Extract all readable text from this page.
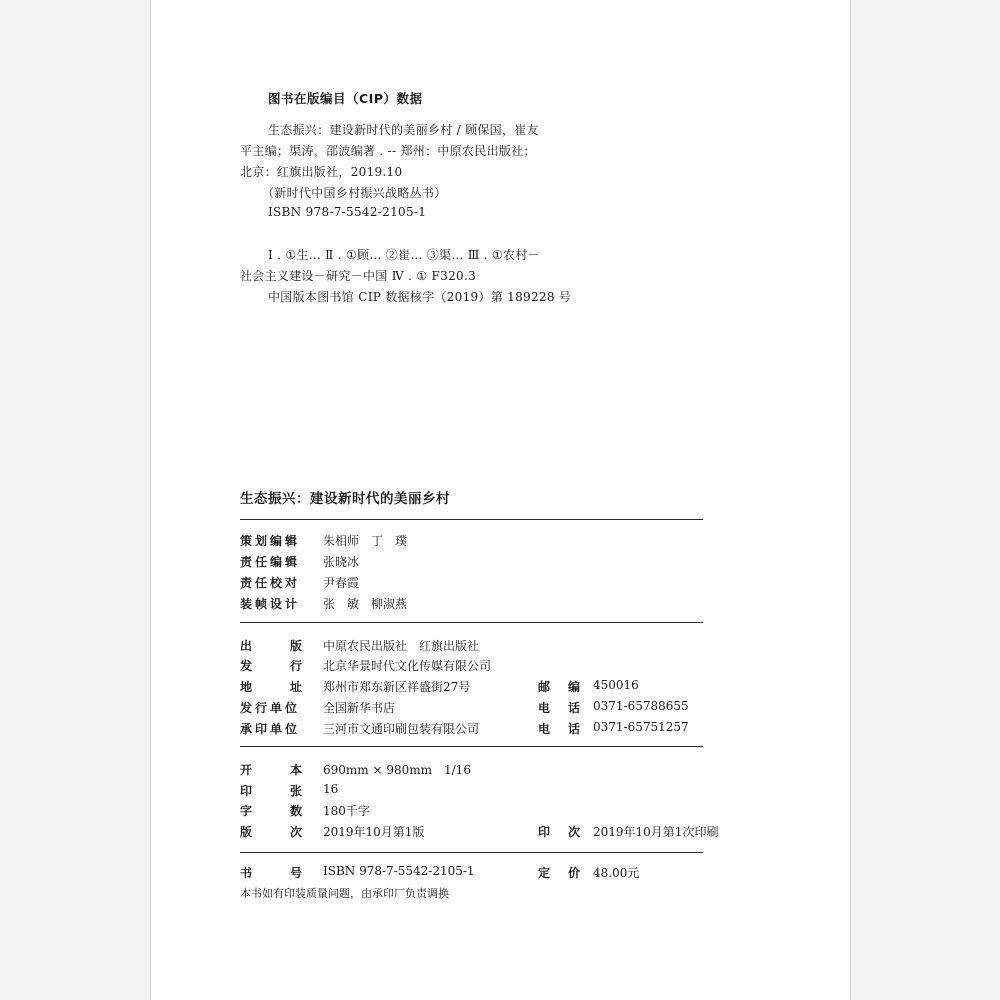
图书在版编目（CIP）数据
生态振兴：建设新时代的美丽乡村 / 顾保国，崔友
平主编；渠涛，邵波编著 . -- 郑州：中原农民出版社；
北京：红旗出版社，2019.10
（新时代中国乡村振兴战略丛书）
ISBN 978-7-5542-2105-1
Ⅰ . ①生… Ⅱ . ①顾… ②崔… ③渠… Ⅲ . ①农村－
社会主义建设－研究－中国 Ⅳ . ① F320.3
中国版本图书馆 CIP 数据核字（2019）第 189228 号
生态振兴：建设新时代的美丽乡村
策划编辑 朱相师　丁　璞
责任编辑 张晓冰
责任校对 尹春霞
装帧设计 张　敏　柳淑燕
出版 中原农民出版社　红旗出版社
发行 北京华景时代文化传媒有限公司
地址 郑州市郑东新区祥盛街27号	邮编 450016
发行单位 全国新华书店	电话 0371-65788655
承印单位 三河市文通印刷包装有限公司	电话 0371-65751257
开本 690mm × 980mm　1/16
印张 16
字数 180千字
版次 2019年10月第1版	印次 2019年10月第1次印刷
书号 ISBN 978-7-5542-2105-1	定价 48.00元
本书如有印装质量问题，由承印厂负责调换
